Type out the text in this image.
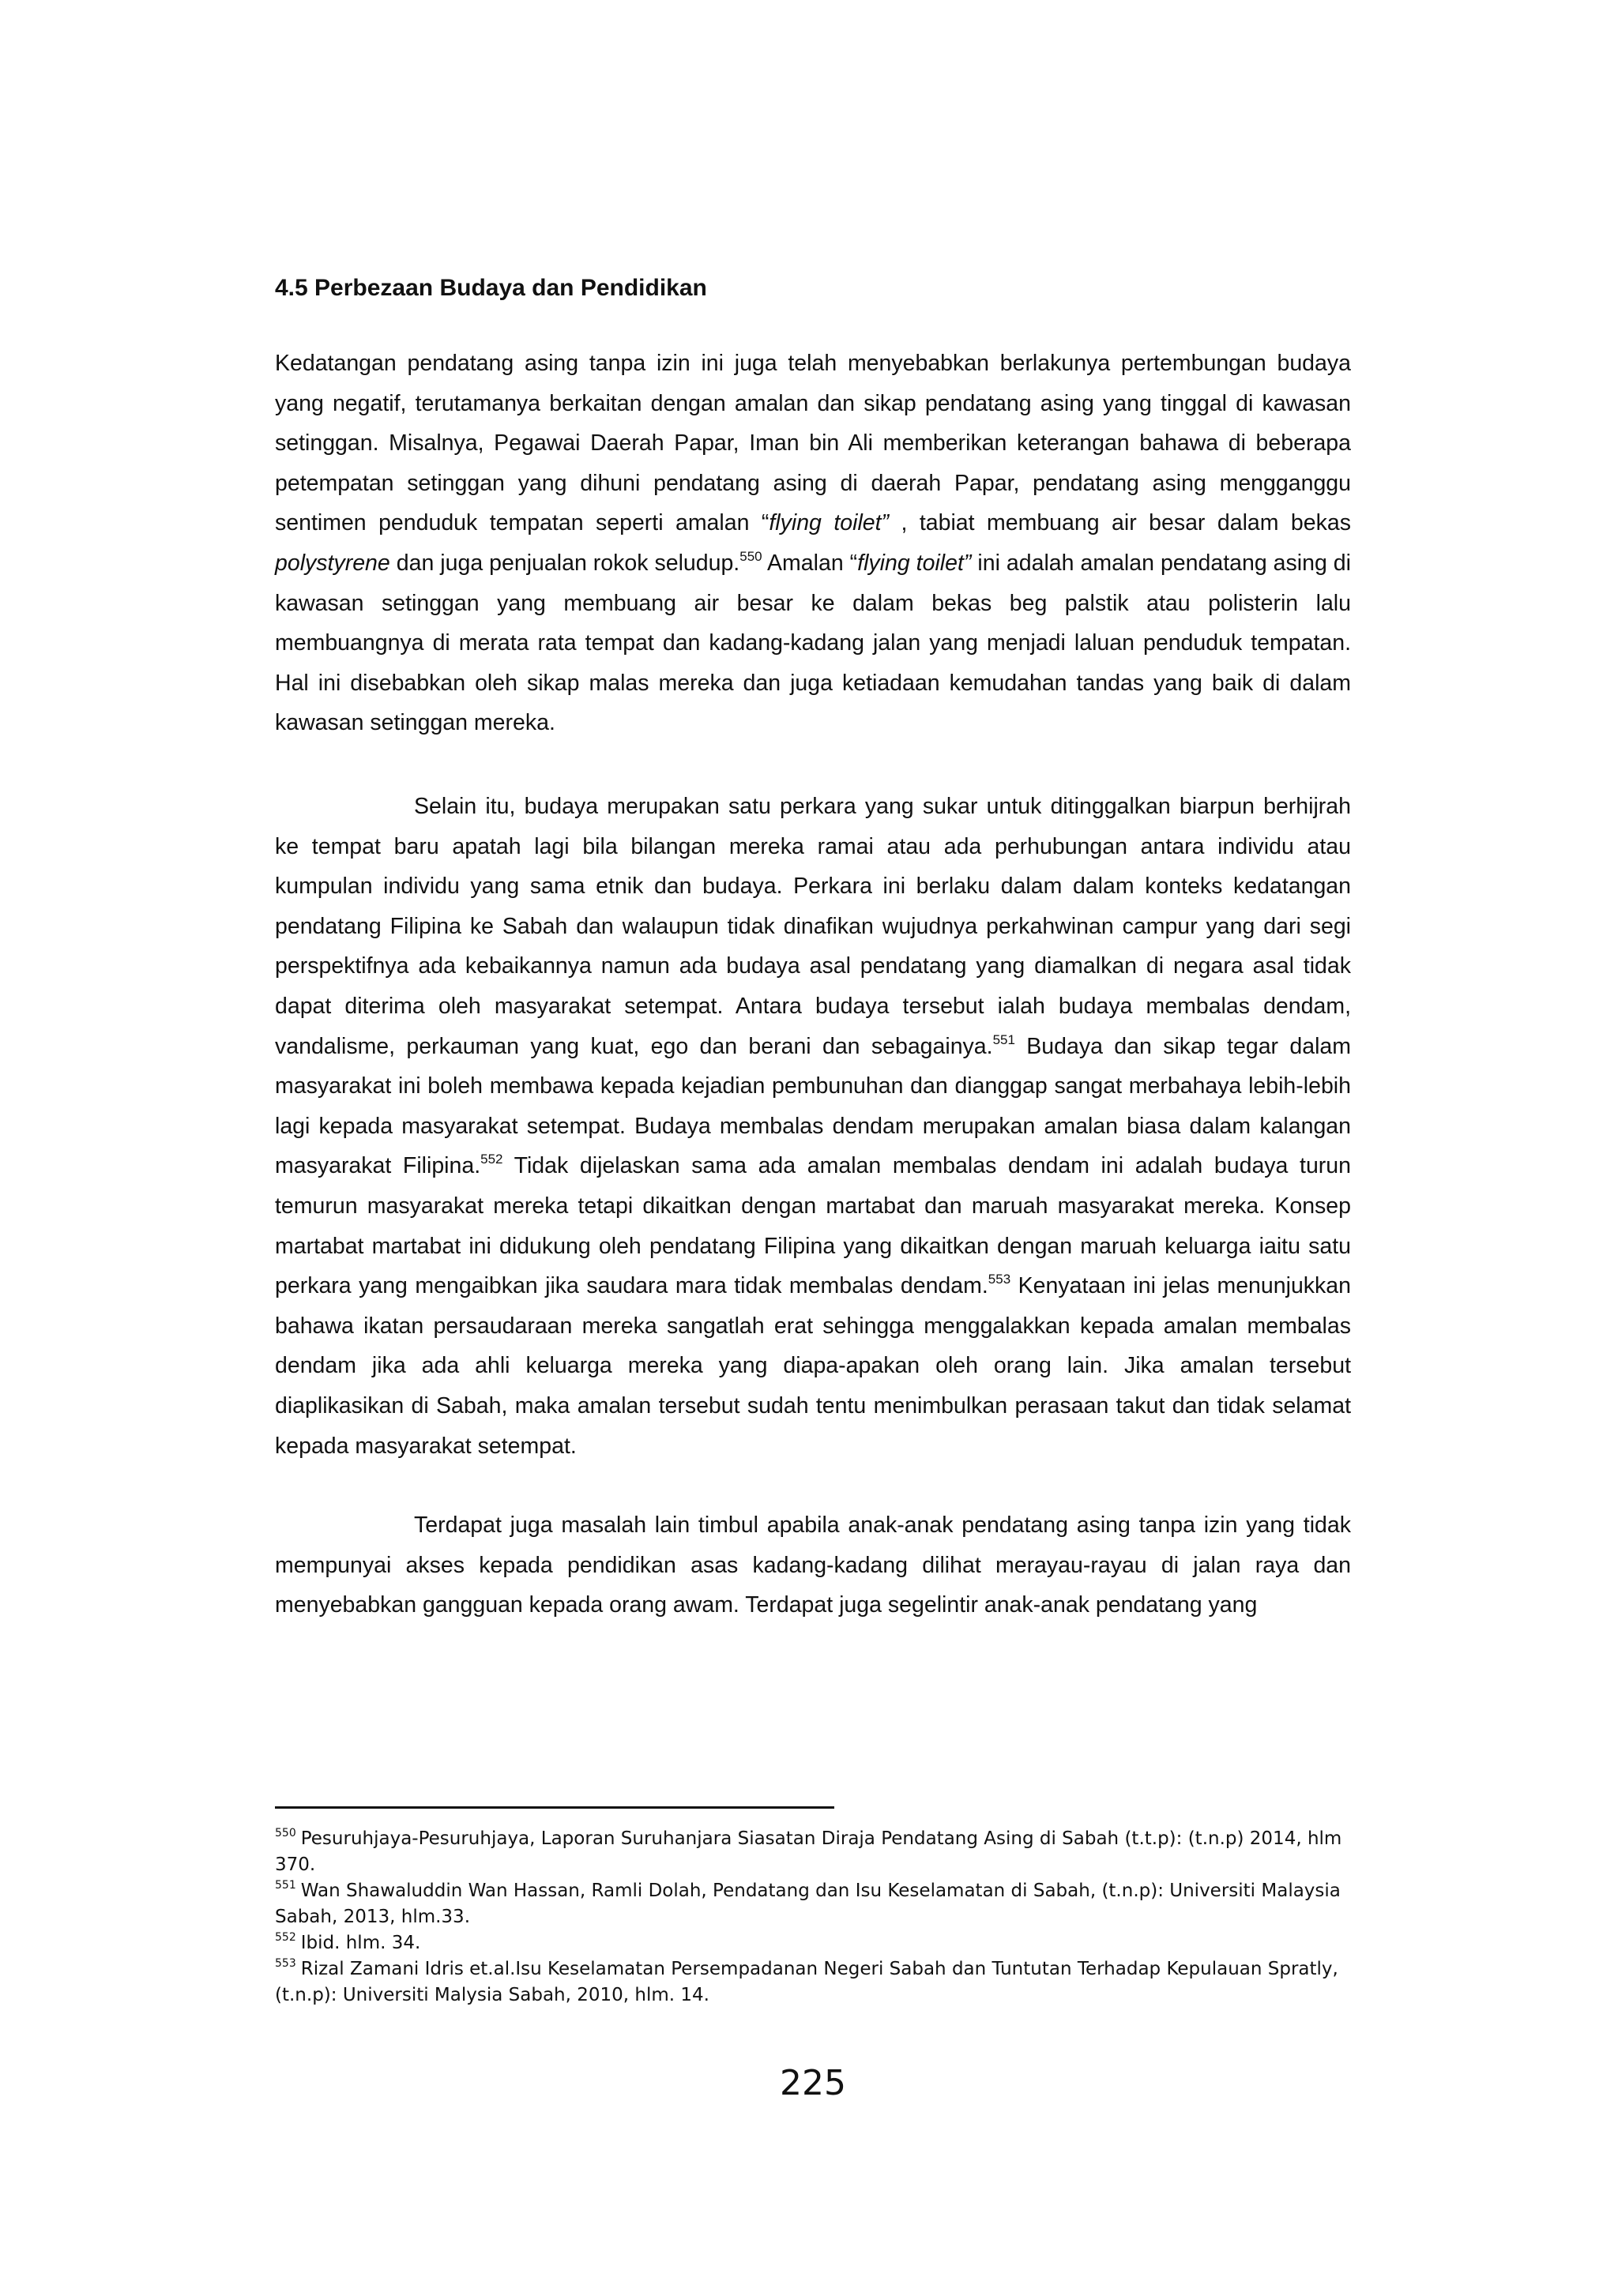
4.5 Perbezaan Budaya dan Pendidikan

Kedatangan pendatang asing tanpa izin ini juga telah menyebabkan berlakunya pertembungan budaya yang negatif, terutamanya berkaitan dengan amalan dan sikap pendatang asing yang tinggal di kawasan setinggan. Misalnya, Pegawai Daerah Papar, Iman bin Ali memberikan keterangan bahawa di beberapa petempatan setinggan yang dihuni pendatang asing di daerah Papar, pendatang asing mengganggu sentimen penduduk tempatan seperti amalan “flying toilet” , tabiat membuang air besar dalam bekas polystyrene dan juga penjualan rokok seludup.$^{550}$ Amalan “flying toilet” ini adalah amalan pendatang asing di kawasan setinggan yang membuang air besar ke dalam bekas beg palstik atau polisterin lalu membuangnya di merata rata tempat dan kadang-kadang jalan yang menjadi laluan penduduk tempatan. Hal ini disebabkan oleh sikap malas mereka dan juga ketiadaan kemudahan tandas yang baik di dalam kawasan setinggan mereka.

Selain itu, budaya merupakan satu perkara yang sukar untuk ditinggalkan biarpun berhijrah ke tempat baru apatah lagi bila bilangan mereka ramai atau ada perhubungan antara individu atau kumpulan individu yang sama etnik dan budaya. Perkara ini berlaku dalam dalam konteks kedatangan pendatang Filipina ke Sabah dan walaupun tidak dinafikan wujudnya perkahwinan campur yang dari segi perspektifnya ada kebaikannya namun ada budaya asal pendatang yang diamalkan di negara asal tidak dapat diterima oleh masyarakat setempat. Antara budaya tersebut ialah budaya membalas dendam, vandalisme, perkauman yang kuat, ego dan berani dan sebagainya.$^{551}$ Budaya dan sikap tegar dalam masyarakat ini boleh membawa kepada kejadian pembunuhan dan dianggap sangat merbahaya lebih-lebih lagi kepada masyarakat setempat. Budaya membalas dendam merupakan amalan biasa dalam kalangan masyarakat Filipina.$^{552}$ Tidak dijelaskan sama ada amalan membalas dendam ini adalah budaya turun temurun masyarakat mereka tetapi dikaitkan dengan martabat dan maruah masyarakat mereka. Konsep martabat martabat ini didukung oleh pendatang Filipina yang dikaitkan dengan maruah keluarga iaitu satu perkara yang mengaibkan jika saudara mara tidak membalas dendam.$^{553}$ Kenyataan ini jelas menunjukkan bahawa ikatan persaudaraan mereka sangatlah erat sehingga menggalakkan kepada amalan membalas dendam jika ada ahli keluarga mereka yang diapa-apakan oleh orang lain. Jika amalan tersebut diaplikasikan di Sabah, maka amalan tersebut sudah tentu menimbulkan perasaan takut dan tidak selamat kepada masyarakat setempat.

Terdapat juga masalah lain timbul apabila anak-anak pendatang asing tanpa izin yang tidak mempunyai akses kepada pendidikan asas kadang-kadang dilihat merayau-rayau di jalan raya dan menyebabkan gangguan kepada orang awam. Terdapat juga segelintir anak-anak pendatang yang

$^{550}$ Pesuruhjaya-Pesuruhjaya, Laporan Suruhanjara Siasatan Diraja Pendatang Asing di Sabah (t.t.p): (t.n.p) 2014, hlm 370.

$^{551}$ Wan Shawaluddin Wan Hassan, Ramli Dolah, Pendatang dan Isu Keselamatan di Sabah, (t.n.p): Universiti Malaysia Sabah, 2013, hlm.33.

$^{552}$ Ibid. hlm. 34.

$^{553}$ Rizal Zamani Idris et.al.Isu Keselamatan Persempadanan Negeri Sabah dan Tuntutan Terhadap Kepulauan Spratly, (t.n.p): Universiti Malysia Sabah, 2010, hlm. 14.

225
